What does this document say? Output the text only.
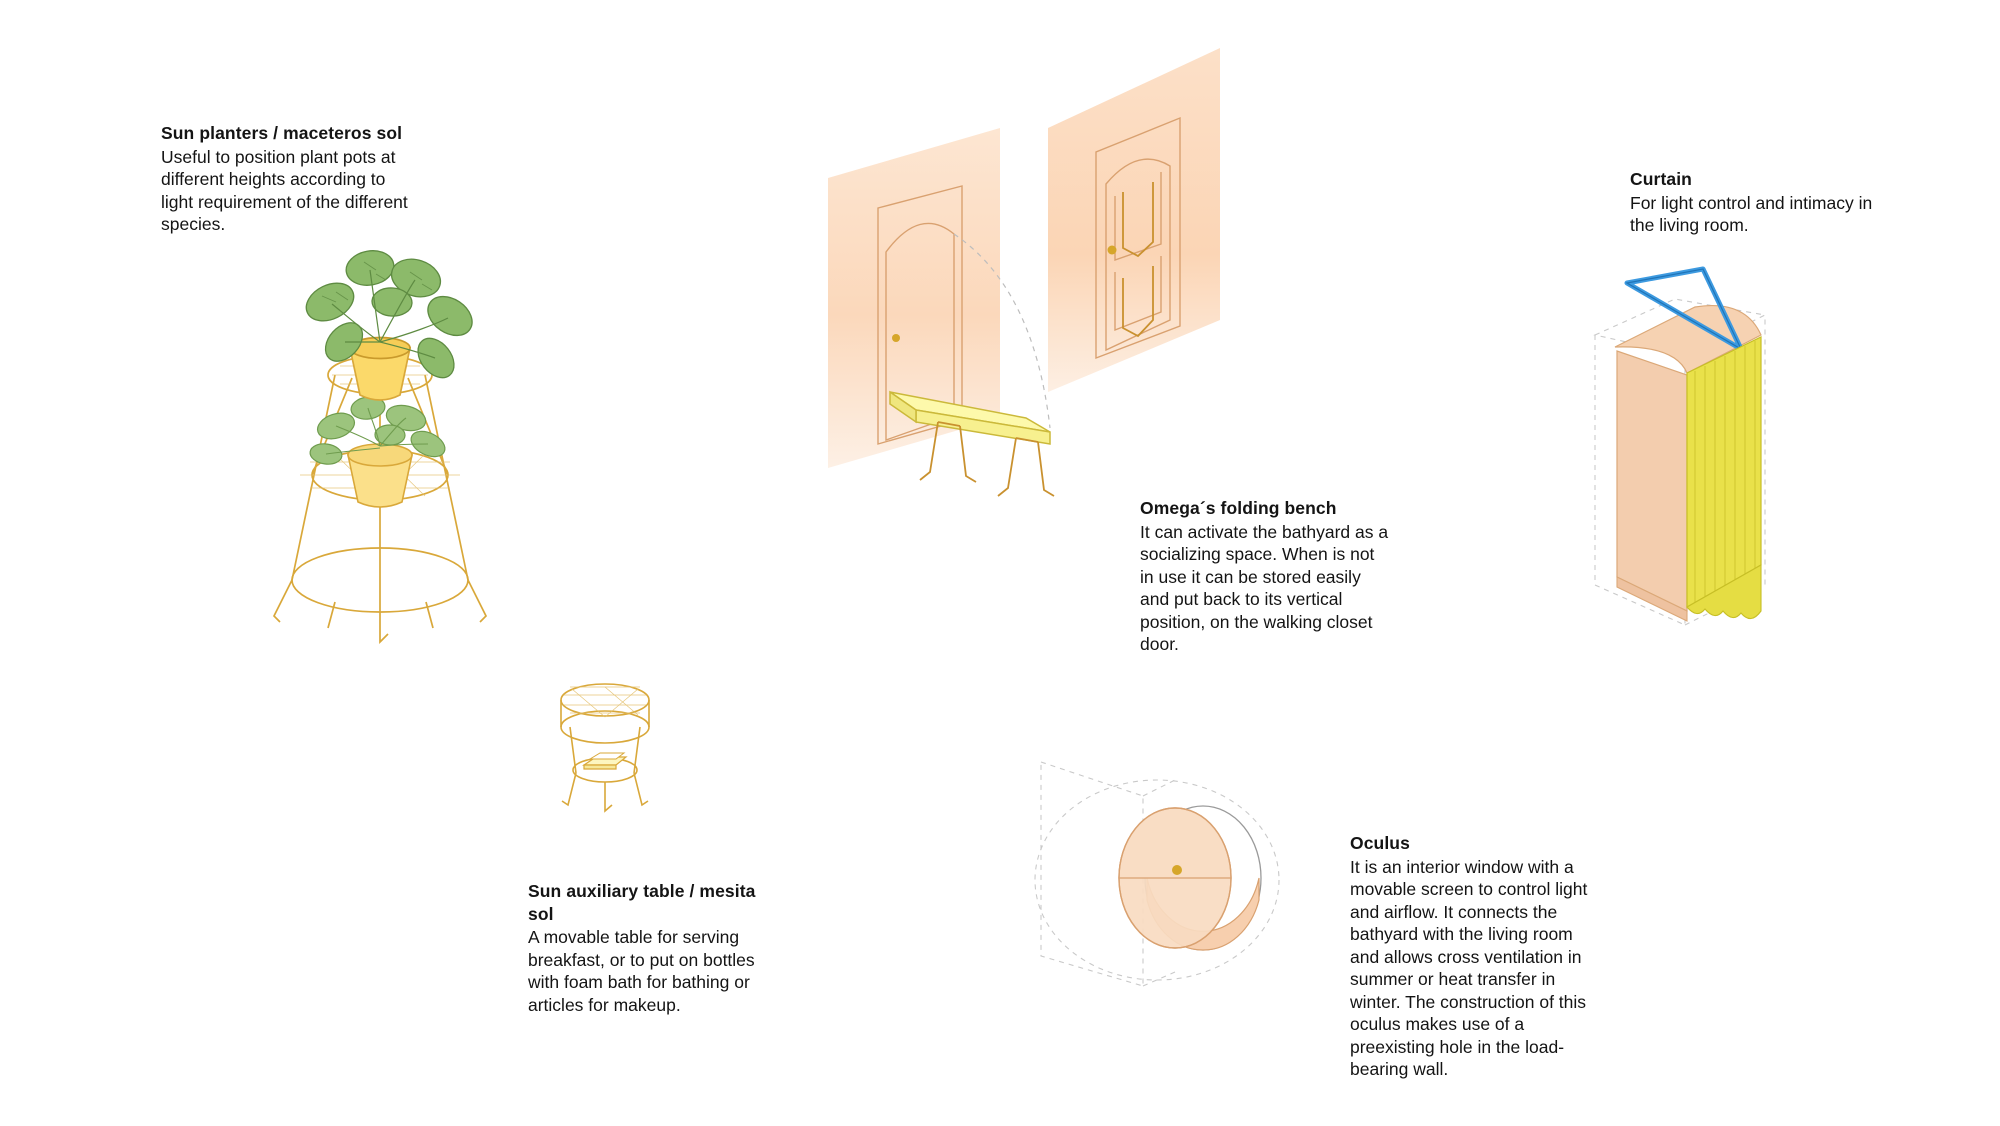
Sun planters / maceteros sol
Useful to position plant pots at different heights according to light requirement of the different species.
Sun auxiliary table / mesita sol
A movable table for serving breakfast, or to put on bottles with foam bath for bathing or articles for makeup.
Omega´s folding bench
It can activate the bathyard as a socializing space. When is not in use it can be stored easily and put back to its vertical position, on the walking closet door.
Curtain
For light control and intimacy in the living room.
Oculus
It is an interior window with a movable screen to control light and airflow. It connects the bathyard with the living room and allows cross ventilation in summer or heat transfer in winter. The construction of this oculus makes use of a preexisting hole in the load-bearing wall.
